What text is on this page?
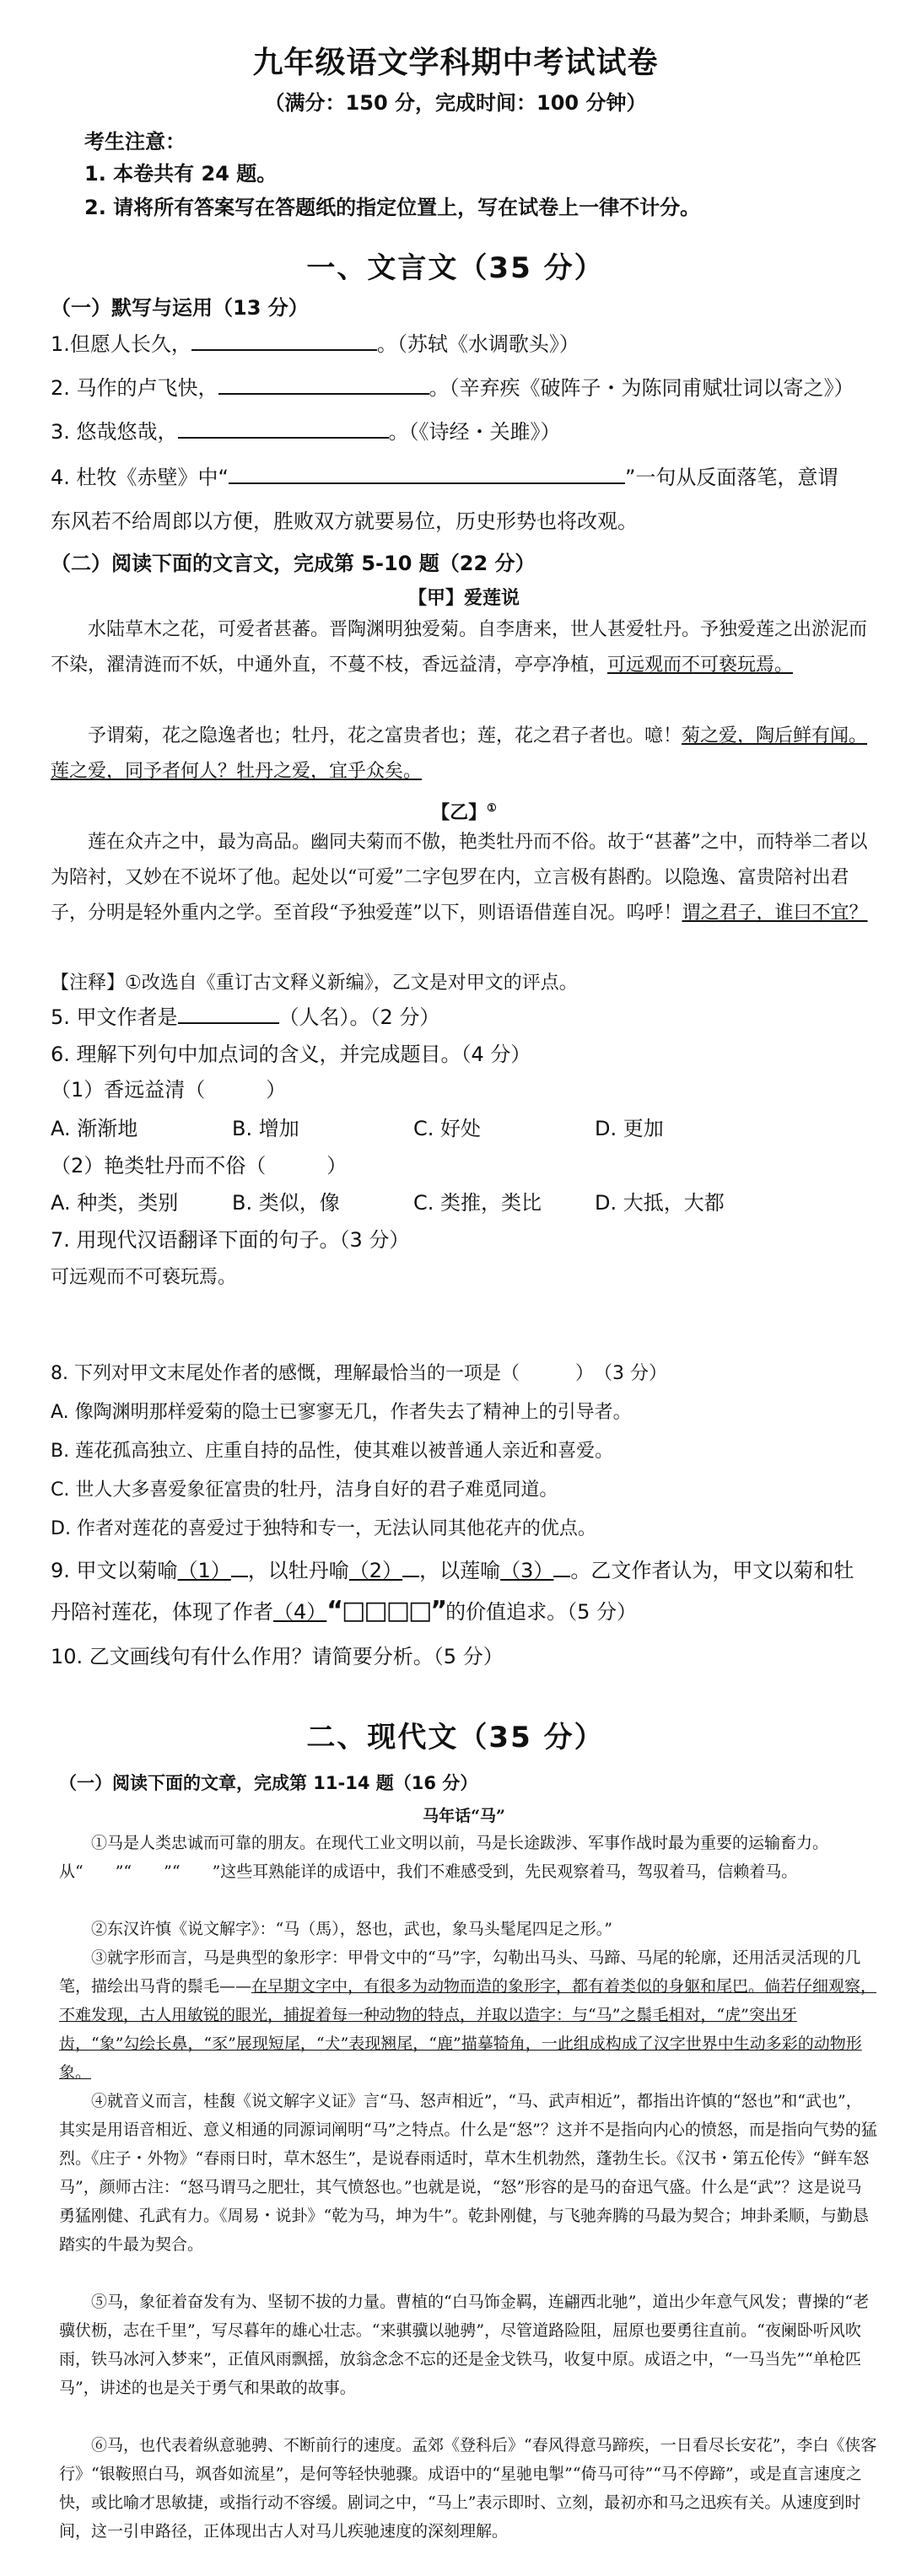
九年级语文学科期中考试试卷
（满分：150 分，完成时间：100 分钟）
考生注意：
1. 本卷共有 24 题。
2. 请将所有答案写在答题纸的指定位置上，写在试卷上一律不计分。
一、文言文（35 分）
（一）默写与运用（13 分）
1.但愿人长久，	。（苏轼《水调歌头》）
2. 马作的卢飞快，	。（辛弃疾《破阵子・为陈同甫赋壮词以寄之》）
3. 悠哉悠哉，	。（《诗经・关雎》）
4. 杜牧《赤壁》中“	”一句从反面落笔，意谓
东风若不给周郎以方便，胜败双方就要易位，历史形势也将改观。
（二）阅读下面的文言文，完成第 5-10 题（22 分）
【甲】爱莲说
水陆草木之花，可爱者甚蕃。晋陶渊明独爱菊。自李唐来，世人甚爱牡丹。予独爱莲之出淤泥而不染，濯清涟而不妖，中通外直，不蔓不枝，香远益清，亭亭净植，可远观而不可亵玩焉。
予谓菊，花之隐逸者也；牡丹，花之富贵者也；莲，花之君子者也。噫！菊之爱，陶后鲜有闻。莲之爱，同予者何人？牡丹之爱，宜乎众矣。
【乙】①
莲在众卉之中，最为高品。幽同夫菊而不傲，艳类牡丹而不俗。故于“甚蕃”之中，而特举二者以为陪衬，又妙在不说坏了他。起处以“可爱”二字包罗在内，立言极有斟酌。以隐逸、富贵陪衬出君子，分明是轻外重内之学。至首段“予独爱莲”以下，则语语借莲自况。呜呼！谓之君子，谁曰不宜？
【注释】①改选自《重订古文释义新编》，乙文是对甲文的评点。
5. 甲文作者是	（人名）。（2 分）
6. 理解下列句中加点词的含义，并完成题目。（4 分）
（1）香远益清（　　　）
A. 渐渐地	B. 增加	C. 好处	D. 更加
（2）艳类牡丹而不俗（　　　）
A. 种类，类别	B. 类似，像	C. 类推，类比	D. 大抵，大都
7. 用现代汉语翻译下面的句子。（3 分）
可远观而不可亵玩焉。
8. 下列对甲文末尾处作者的感慨，理解最恰当的一项是（　　　）　（3 分）
A. 像陶渊明那样爱菊的隐士已寥寥无几，作者失去了精神上的引导者。
B. 莲花孤高独立、庄重自持的品性，使其难以被普通人亲近和喜爱。
C. 世人大多喜爱象征富贵的牡丹，洁身自好的君子难觅同道。
D. 作者对莲花的喜爱过于独特和专一，无法认同其他花卉的优点。
9. 甲文以菊喻（1） ，以牡丹喻（2） ，以莲喻（3） 。乙文作者认为，甲文以菊和牡
丹陪衬莲花，体现了作者（4）“□□□□”的价值追求。（5 分）
10. 乙文画线句有什么作用？请简要分析。（5 分）
二、现代文（35 分）
（一）阅读下面的文章，完成第 11-14 题（16 分）
马年话“马”
①马是人类忠诚而可靠的朋友。在现代工业文明以前，马是长途跋涉、军事作战时最为重要的运输畜力。从“　　”“　　”“　　”这些耳熟能详的成语中，我们不难感受到，先民观察着马，驾驭着马，信赖着马。
②东汉许慎《说文解字》：“马（馬），怒也，武也，象马头髦尾四足之形。”
③就字形而言，马是典型的象形字：甲骨文中的“马”字，勾勒出马头、马蹄、马尾的轮廓，还用活灵活现的几笔，描绘出马背的鬃毛——在早期文字中，有很多为动物而造的象形字，都有着类似的身躯和尾巴。倘若仔细观察，不难发现，古人用敏锐的眼光，捕捉着每一种动物的特点，并取以造字：与“马”之鬃毛相对，“虎”突出牙齿，“象”勾绘长鼻，“豕”展现短尾，“犬”表现翘尾，“鹿”描摹犄角，一此组成构成了汉字世界中生动多彩的动物形象。
④就音义而言，桂馥《说文解字义证》言“马、怒声相近”，“马、武声相近”，都指出许慎的“怒也”和“武也”，其实是用语音相近、意义相通的同源词阐明“马”之特点。什么是“怒”？这并不是指向内心的愤怒，而是指向气势的猛烈。《庄子・外物》“春雨日时，草木怒生”，是说春雨适时，草木生机勃然，蓬勃生长。《汉书・第五伦传》“鲜车怒马”，颜师古注：“怒马谓马之肥壮，其气愤怒也。”也就是说，“怒”形容的是马的奋迅气盛。什么是“武”？这是说马勇猛刚健、孔武有力。《周易・说卦》“乾为马，坤为牛”。乾卦刚健，与飞驰奔腾的马最为契合；坤卦柔顺，与勤恳踏实的牛最为契合。
⑤马，象征着奋发有为、坚韧不拔的力量。曹植的“白马饰金羁，连翩西北驰”，道出少年意气风发；曹操的“老骥伏枥，志在千里”，写尽暮年的雄心壮志。“来骐骥以驰骋”，尽管道路险阻，屈原也要勇往直前。“夜阑卧听风吹雨，铁马冰河入梦来”，正值风雨飘摇，放翁念念不忘的还是金戈铁马，收复中原。成语之中，“一马当先”“单枪匹马”，讲述的也是关于勇气和果敢的故事。
⑥马，也代表着纵意驰骋、不断前行的速度。孟郊《登科后》“春风得意马蹄疾，一日看尽长安花”，李白《侠客行》“银鞍照白马，飒沓如流星”，是何等轻快驰骤。成语中的“星驰电掣”“倚马可待”“马不停蹄”，或是直言速度之快，或比喻才思敏捷，或指行动不容缓。剧词之中，“马上”表示即时、立刻，最初亦和马之迅疾有关。从速度到时间，这一引申路径，正体现出古人对马儿疾驰速度的深刻理解。
